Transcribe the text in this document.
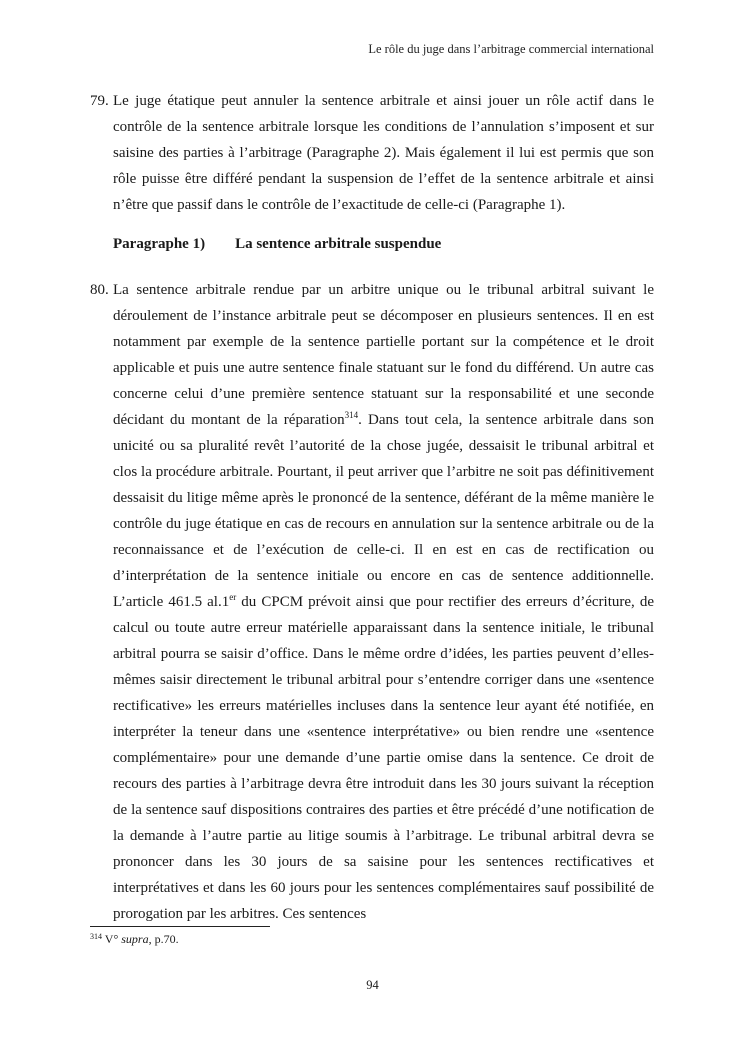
Le rôle du juge dans l’arbitrage commercial international
79. Le juge étatique peut annuler la sentence arbitrale et ainsi jouer un rôle actif dans le contrôle de la sentence arbitrale lorsque les conditions de l’annulation s’imposent et sur saisine des parties à l’arbitrage (Paragraphe 2). Mais également il lui est permis que son rôle puisse être différé pendant la suspension de l’effet de la sentence arbitrale et ainsi n’être que passif dans le contrôle de l’exactitude de celle-ci (Paragraphe 1).
Paragraphe 1) La sentence arbitrale suspendue
80. La sentence arbitrale rendue par un arbitre unique ou le tribunal arbitral suivant le déroulement de l’instance arbitrale peut se décomposer en plusieurs sentences. Il en est notamment par exemple de la sentence partielle portant sur la compétence et le droit applicable et puis une autre sentence finale statuant sur le fond du différend. Un autre cas concerne celui d’une première sentence statuant sur la responsabilité et une seconde décidant du montant de la réparation$^{314}$. Dans tout cela, la sentence arbitrale dans son unicité ou sa pluralité revêt l’autorité de la chose jugée, dessaisit le tribunal arbitral et clos la procédure arbitrale. Pourtant, il peut arriver que l’arbitre ne soit pas définitivement dessaisit du litige même après le prononcé de la sentence, déférant de la même manière le contrôle du juge étatique en cas de recours en annulation sur la sentence arbitrale ou de la reconnaissance et de l’exécution de celle-ci. Il en est en cas de rectification ou d’interprétation de la sentence initiale ou encore en cas de sentence additionnelle. L’article 461.5 al.1er du CPCM prévoit ainsi que pour rectifier des erreurs d’écriture, de calcul ou toute autre erreur matérielle apparaissant dans la sentence initiale, le tribunal arbitral pourra se saisir d’office. Dans le même ordre d’idées, les parties peuvent d’elles-mêmes saisir directement le tribunal arbitral pour s’entendre corriger dans une «sentence rectificative» les erreurs matérielles incluses dans la sentence leur ayant été notifiée, en interpréter la teneur dans une «sentence interprétative» ou bien rendre une «sentence complémentaire» pour une demande d’une partie omise dans la sentence. Ce droit de recours des parties à l’arbitrage devra être introduit dans les 30 jours suivant la réception de la sentence sauf dispositions contraires des parties et être précédé d’une notification de la demande à l’autre partie au litige soumis à l’arbitrage. Le tribunal arbitral devra se prononcer dans les 30 jours de sa saisine pour les sentences rectificatives et interprétatives et dans les 60 jours pour les sentences complémentaires sauf possibilité de prorogation par les arbitres. Ces sentences
$^{314}$ V° supra, p.70.
94
